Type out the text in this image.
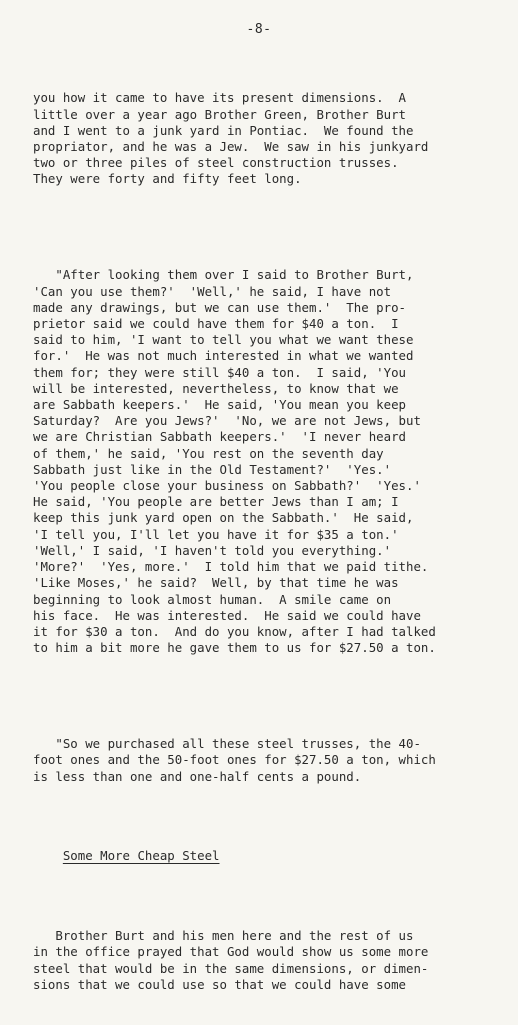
-8-

you how it came to have its present dimensions.  A
little over a year ago Brother Green, Brother Burt
and I went to a junk yard in Pontiac.  We found the
propriator, and he was a Jew.  We saw in his junkyard
two or three piles of steel construction trusses.
They were forty and fifty feet long.

"After looking them over I said to Brother Burt,
'Can you use them?'  'Well,' he said, I have not
made any drawings, but we can use them.'  The pro-
prietor said we could have them for $40 a ton.  I
said to him, 'I want to tell you what we want these
for.'  He was not much interested in what we wanted
them for; they were still $40 a ton.  I said, 'You
will be interested, nevertheless, to know that we
are Sabbath keepers.'  He said, 'You mean you keep
Saturday?  Are you Jews?'  'No, we are not Jews, but
we are Christian Sabbath keepers.'  'I never heard
of them,' he said, 'You rest on the seventh day
Sabbath just like in the Old Testament?'  'Yes.'
'You people close your business on Sabbath?'  'Yes.'
He said, 'You people are better Jews than I am; I
keep this junk yard open on the Sabbath.'  He said,
'I tell you, I'll let you have it for $35 a ton.'
'Well,' I said, 'I haven't told you everything.'
'More?'  'Yes, more.'  I told him that we paid tithe.
'Like Moses,' he said?  Well, by that time he was
beginning to look almost human.  A smile came on
his face.  He was interested.  He said we could have
it for $30 a ton.  And do you know, after I had talked
to him a bit more he gave them to us for $27.50 a ton.

"So we purchased all these steel trusses, the 40-
foot ones and the 50-foot ones for $27.50 a ton, which
is less than one and one-half cents a pound.

Some More Cheap Steel

Brother Burt and his men here and the rest of us
in the office prayed that God would show us some more
steel that would be in the same dimensions, or dimen-
sions that we could use so that we could have some
